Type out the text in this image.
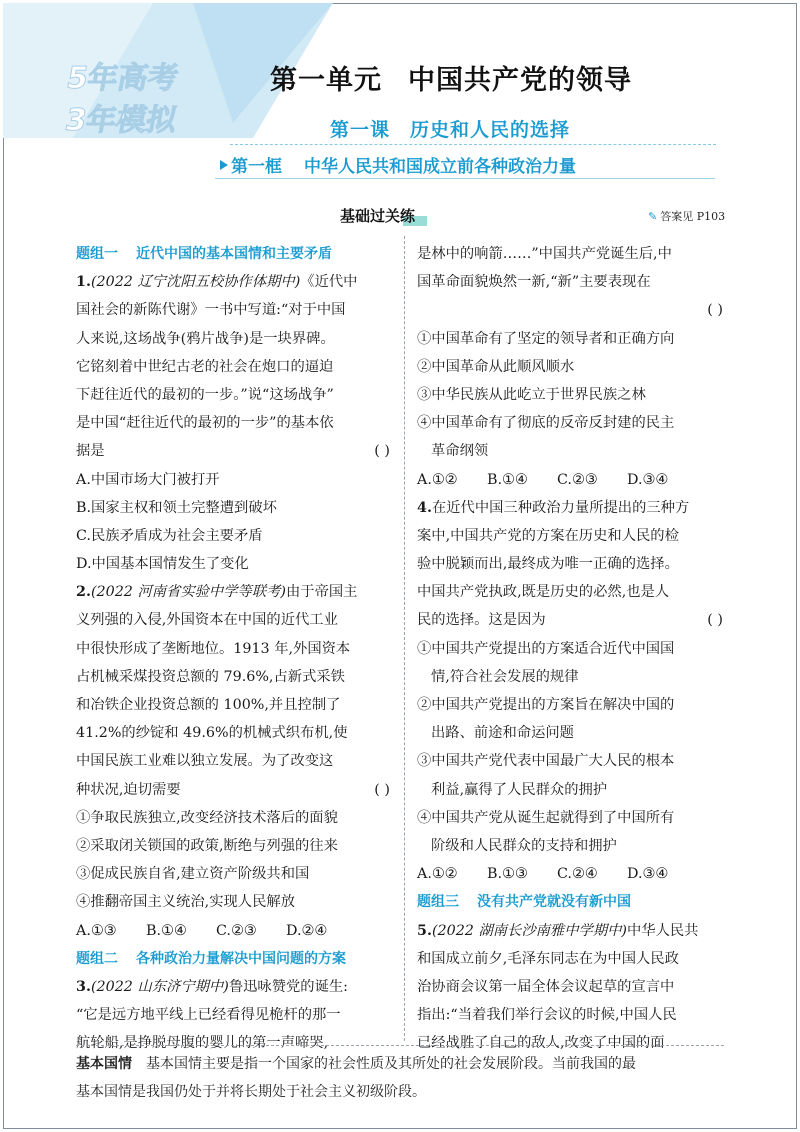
5年高考
3年模拟
第一单元 中国共产党的领导
第一课 历史和人民的选择
第一框 中华人民共和国成立前各种政治力量
基础过关练	✎ 答案见 P103
题组一 近代中国的基本国情和主要矛盾
1.(2022 辽宁沈阳五校协作体期中)《近代中
国社会的新陈代谢》一书中写道:“对于中国
人来说,这场战争(鸦片战争)是一块界碑。
它铭刻着中世纪古老的社会在炮口的逼迫
下赶往近代的最初的一步。”说“这场战争”
是中国“赶往近代的最初的一步”的基本依
据是	( )
A.中国市场大门被打开
B.国家主权和领土完整遭到破坏
C.民族矛盾成为社会主要矛盾
D.中国基本国情发生了变化
2.(2022 河南省实验中学等联考)由于帝国主
义列强的入侵,外国资本在中国的近代工业
中很快形成了垄断地位。1913 年,外国资本
占机械采煤投资总额的 79.6%,占新式采铁
和冶铁企业投资总额的 100%,并且控制了
41.2%的纱锭和 49.6%的机械式织布机,使
中国民族工业难以独立发展。为了改变这
种状况,迫切需要	( )
①争取民族独立,改变经济技术落后的面貌
②采取闭关锁国的政策,断绝与列强的往来
③促成民族自省,建立资产阶级共和国
④推翻帝国主义统治,实现人民解放
A.①③ B.①④ C.②③ D.②④
题组二 各种政治力量解决中国问题的方案
3.(2022 山东济宁期中)鲁迅咏赞党的诞生:
“它是远方地平线上已经看得见桅杆的那一
航轮船,是挣脱母腹的婴儿的第一声啼哭,
是林中的响箭……”中国共产党诞生后,中
国革命面貌焕然一新,“新”主要表现在
( )
①中国革命有了坚定的领导者和正确方向
②中国革命从此顺风顺水
③中华民族从此屹立于世界民族之林
④中国革命有了彻底的反帝反封建的民主
革命纲领
A.①② B.①④ C.②③ D.③④
4.在近代中国三种政治力量所提出的三种方
案中,中国共产党的方案在历史和人民的检
验中脱颖而出,最终成为唯一正确的选择。
中国共产党执政,既是历史的必然,也是人
民的选择。这是因为	( )
①中国共产党提出的方案适合近代中国国
情,符合社会发展的规律
②中国共产党提出的方案旨在解决中国的
出路、前途和命运问题
③中国共产党代表中国最广大人民的根本
利益,赢得了人民群众的拥护
④中国共产党从诞生起就得到了中国所有
阶级和人民群众的支持和拥护
A.①② B.①③ C.②④ D.③④
题组三 没有共产党就没有新中国
5.(2022 湖南长沙南雅中学期中)中华人民共
和国成立前夕,毛泽东同志在为中国人民政
治协商会议第一届全体会议起草的宣言中
指出:“当着我们举行会议的时候,中国人民
已经战胜了自己的敌人,改变了中国的面
基本国情 基本国情主要是指一个国家的社会性质及其所处的社会发展阶段。当前我国的最
基本国情是我国仍处于并将长期处于社会主义初级阶段。
